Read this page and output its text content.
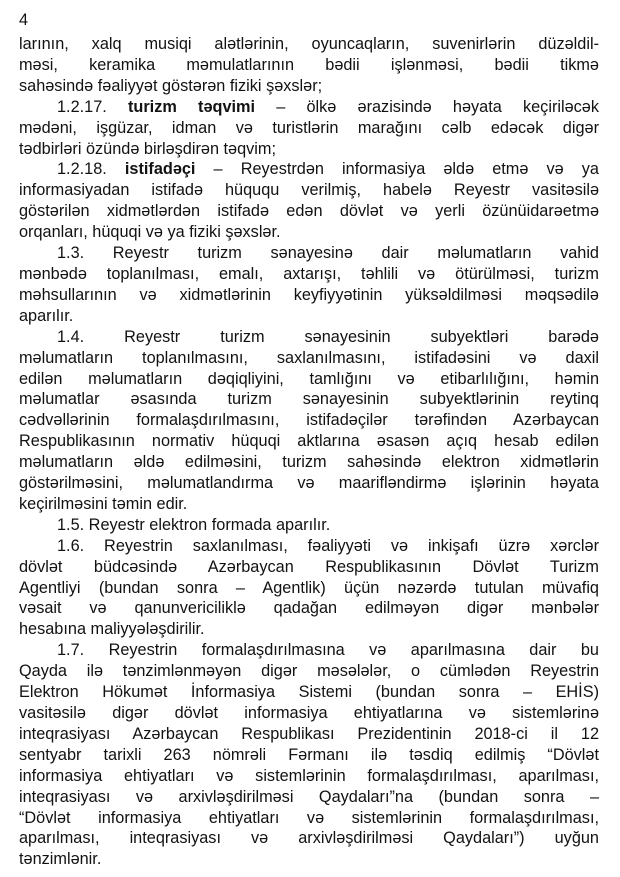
4
larının, xalq musiqi alətlərinin, oyuncaqların, suvenirlərin düzəldil-
məsi, keramika məmulatlarının bədii işlənməsi, bədii tikmə
sahəsində fəaliyyət göstərən fiziki şəxslər;
1.2.17. turizm təqvimi – ölkə ərazisində həyata keçiriləcək
mədəni, işgüzar, idman və turistlərin marağını cəlb edəcək digər
tədbirləri özündə birləşdirən təqvim;
1.2.18. istifadəçi – Reyestrdən informasiya əldə etmə və ya
informasiyadan istifadə hüququ verilmiş, habelə Reyestr vasitəsilə
göstərilən xidmətlərdən istifadə edən dövlət və yerli özünüidarəetmə
orqanları, hüquqi və ya fiziki şəxslər.
1.3. Reyestr turizm sənayesinə dair məlumatların vahid
mənbədə toplanılması, emalı, axtarışı, təhlili və ötürülməsi, turizm
məhsullarının və xidmətlərinin keyfiyyətinin yüksəldilməsi məqsədilə
aparılır.
1.4. Reyestr turizm sənayesinin subyektləri barədə
məlumatların toplanılmasını, saxlanılmasını, istifadəsini və daxil
edilən məlumatların dəqiqliyini, tamlığını və etibarlılığını, həmin
məlumatlar əsasında turizm sənayesinin subyektlərinin reytinq
cədvəllərinin formalaşdırılmasını, istifadəçilər tərəfindən Azərbaycan
Respublikasının normativ hüquqi aktlarına əsasən açıq hesab edilən
məlumatların əldə edilməsini, turizm sahəsində elektron xidmətlərin
göstərilməsini, məlumatlandırma və maarifləndirmə işlərinin həyata
keçirilməsini təmin edir.
1.5. Reyestr elektron formada aparılır.
1.6. Reyestrin saxlanılması, fəaliyyəti və inkişafı üzrə xərclər
dövlət büdcəsində Azərbaycan Respublikasının Dövlət Turizm
Agentliyi (bundan sonra – Agentlik) üçün nəzərdə tutulan müvafiq
vəsait və qanunvericiliklə qadağan edilməyən digər mənbələr
hesabına maliyyələşdirilir.
1.7. Reyestrin formalaşdırılmasına və aparılmasına dair bu
Qayda ilə tənzimlənməyən digər məsələlər, o cümlədən Reyestrin
Elektron Hökumət İnformasiya Sistemi (bundan sonra – EHİS)
vasitəsilə digər dövlət informasiya ehtiyatlarına və sistemlərinə
inteqrasiyası Azərbaycan Respublikası Prezidentinin 2018-ci il 12
sentyabr tarixli 263 nömrəli Fərmanı ilə təsdiq edilmiş “Dövlət
informasiya ehtiyatları və sistemlərinin formalaşdırılması, aparılması,
inteqrasiyası və arxivləşdirilməsi Qaydaları”na (bundan sonra –
“Dövlət informasiya ehtiyatları və sistemlərinin formalaşdırılması,
aparılması, inteqrasiyası və arxivləşdirilməsi Qaydaları”) uyğun
tənzimlənir.
